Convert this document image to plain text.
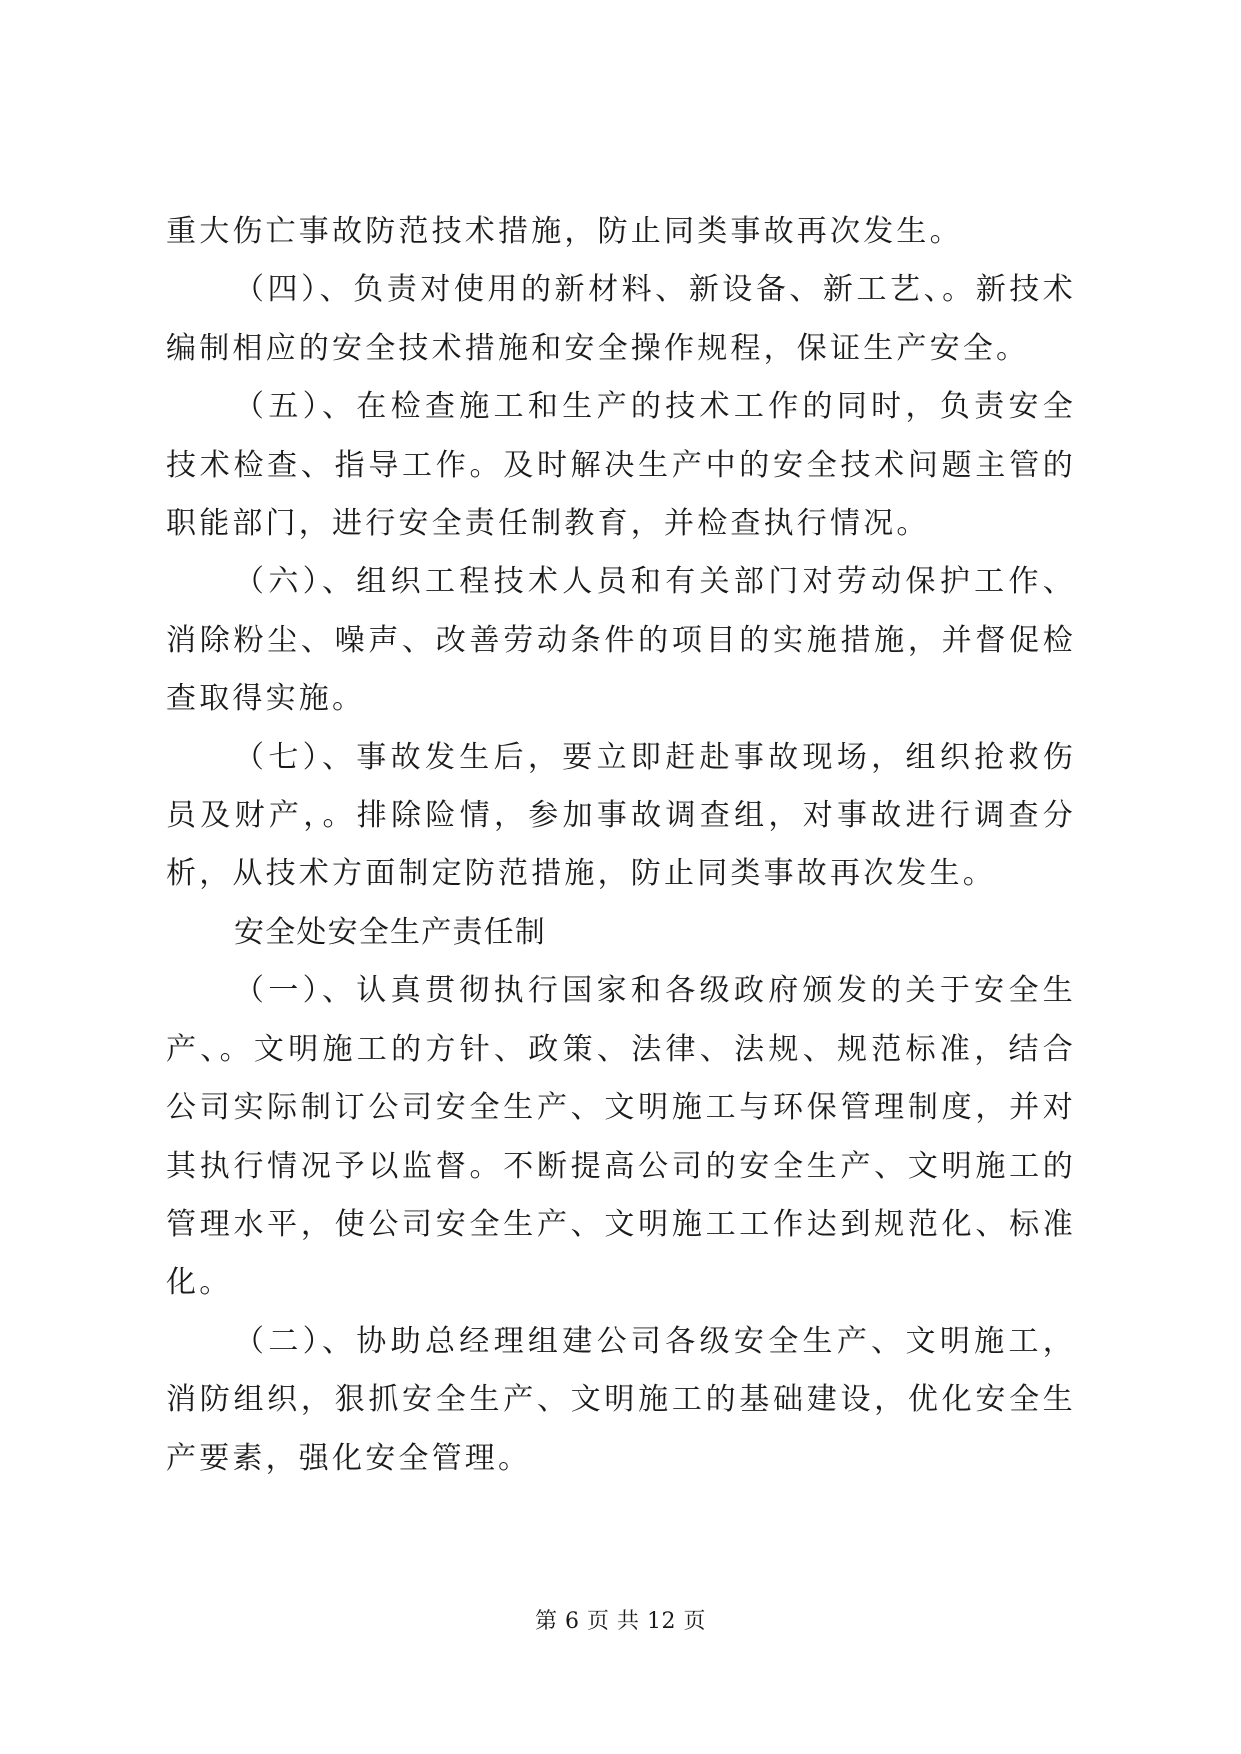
重大伤亡事故防范技术措施，防止同类事故再次发生。

（四）、负责对使用的新材料、新设备、新工艺、。新技术编制相应的安全技术措施和安全操作规程，保证生产安全。

（五）、在检查施工和生产的技术工作的同时，负责安全技术检查、指导工作。及时解决生产中的安全技术问题主管的职能部门，进行安全责任制教育，并检查执行情况。

（六）、组织工程技术人员和有关部门对劳动保护工作、消除粉尘、噪声、改善劳动条件的项目的实施措施，并督促检查取得实施。

（七）、事故发生后，要立即赶赴事故现场，组织抢救伤员及财产，。排除险情，参加事故调查组，对事故进行调查分析，从技术方面制定防范措施，防止同类事故再次发生。

安全处安全生产责任制

（一）、认真贯彻执行国家和各级政府颁发的关于安全生产、。文明施工的方针、政策、法律、法规、规范标准，结合公司实际制订公司安全生产、文明施工与环保管理制度，并对其执行情况予以监督。不断提高公司的安全生产、文明施工的管理水平，使公司安全生产、文明施工工作达到规范化、标准化。

（二）、协助总经理组建公司各级安全生产、文明施工，消防组织，狠抓安全生产、文明施工的基础建设，优化安全生产要素，强化安全管理。

第 6 页 共 12 页
